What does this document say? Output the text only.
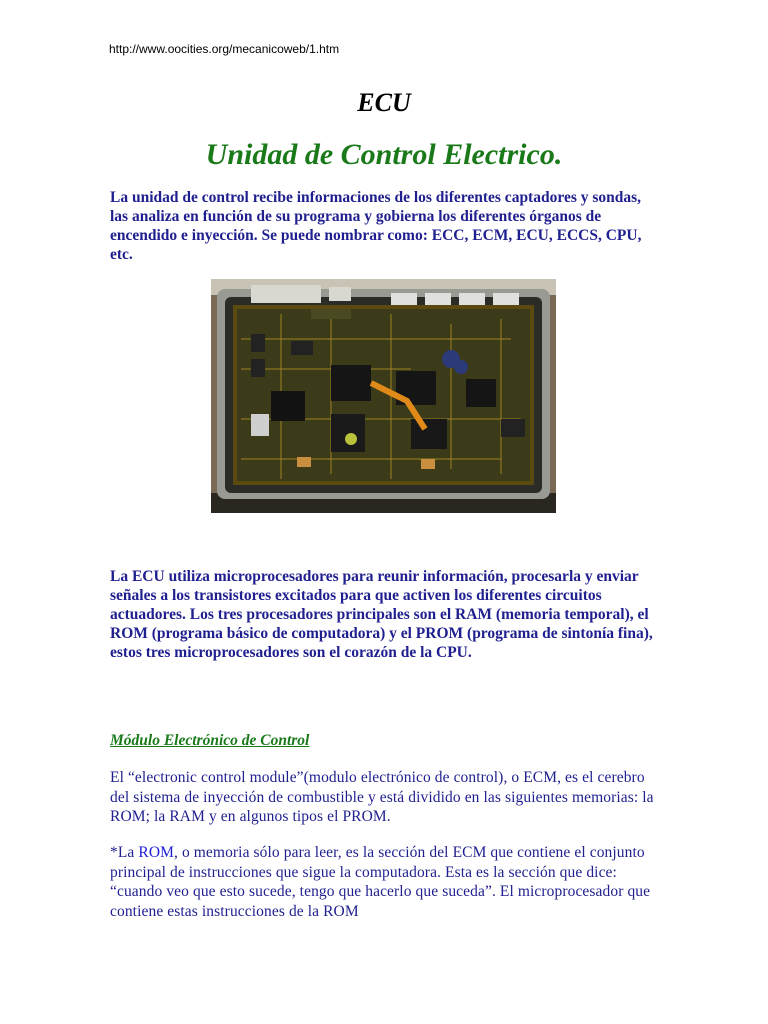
http://www.oocities.org/mecanicoweb/1.htm
ECU
Unidad de Control Electrico.

La unidad de control recibe informaciones de los diferentes captadores y sondas, las analiza en función de su programa y gobierna los diferentes órganos de encendido e inyección. Se puede nombrar como: ECC, ECM, ECU, ECCS, CPU, etc.

La ECU utiliza microprocesadores para reunir información, procesarla y enviar señales a los transistores excitados para que activen los diferentes circuitos actuadores. Los tres procesadores principales son el RAM (memoria temporal), el ROM (programa básico de computadora) y el PROM (programa de sintonía fina), estos tres microprocesadores son el corazón de la CPU.

Módulo Electrónico de Control

El “electronic control module”(modulo electrónico de control), o ECM, es el cerebro del sistema de inyección de combustible y está dividido en las siguientes memorias: la ROM; la RAM y en algunos tipos el PROM.

*La ROM, o memoria sólo para leer, es la sección del ECM que contiene el conjunto principal de instrucciones que sigue la computadora. Esta es la sección que dice: “cuando veo que esto sucede, tengo que hacerlo que suceda”. El microprocesador que contiene estas instrucciones de la ROM
